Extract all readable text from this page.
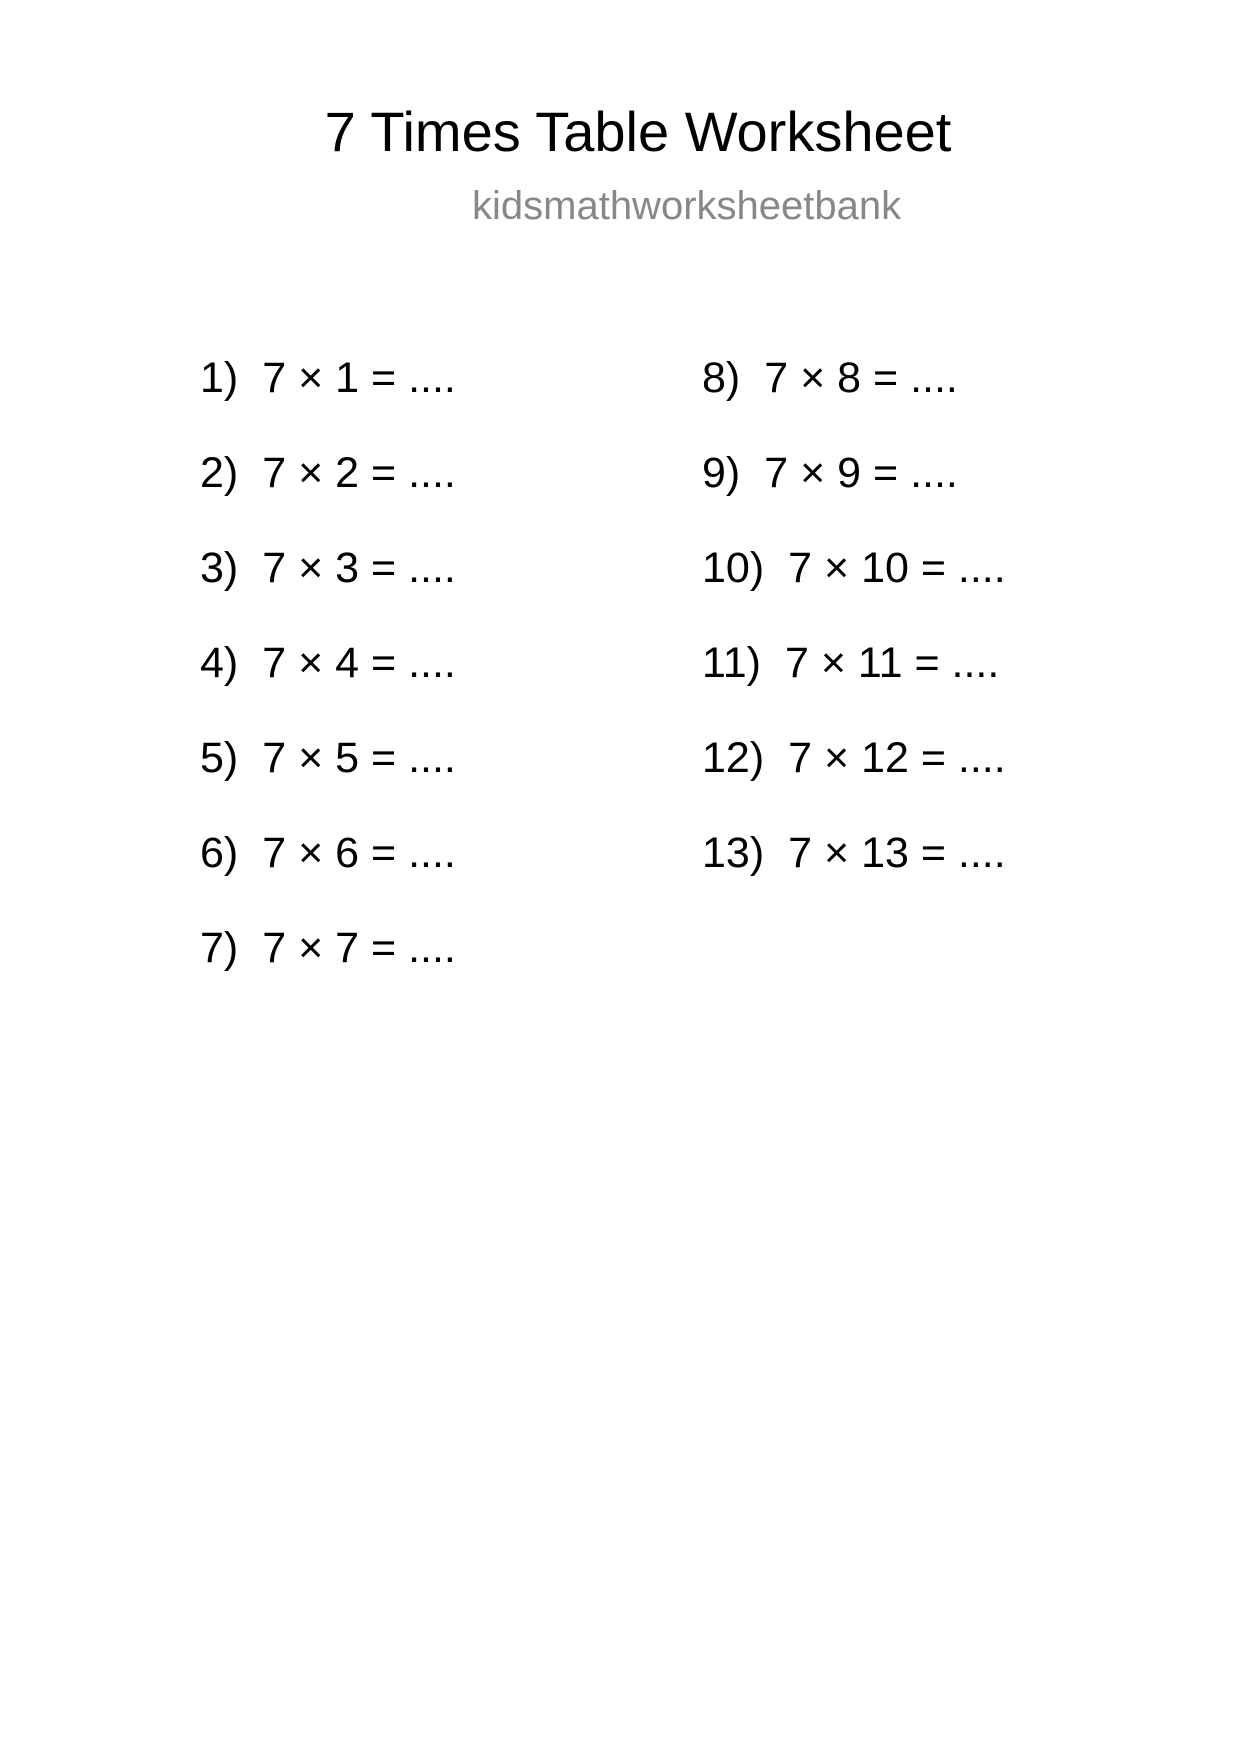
7 Times Table Worksheet
kidsmathworksheetbank
1) 7 × 1 = ....
2) 7 × 2 = ....
3) 7 × 3 = ....
4) 7 × 4 = ....
5) 7 × 5 = ....
6) 7 × 6 = ....
7) 7 × 7 = ....
8) 7 × 8 = ....
9) 7 × 9 = ....
10) 7 × 10 = ....
11) 7 × 11 = ....
12) 7 × 12 = ....
13) 7 × 13 = ....
